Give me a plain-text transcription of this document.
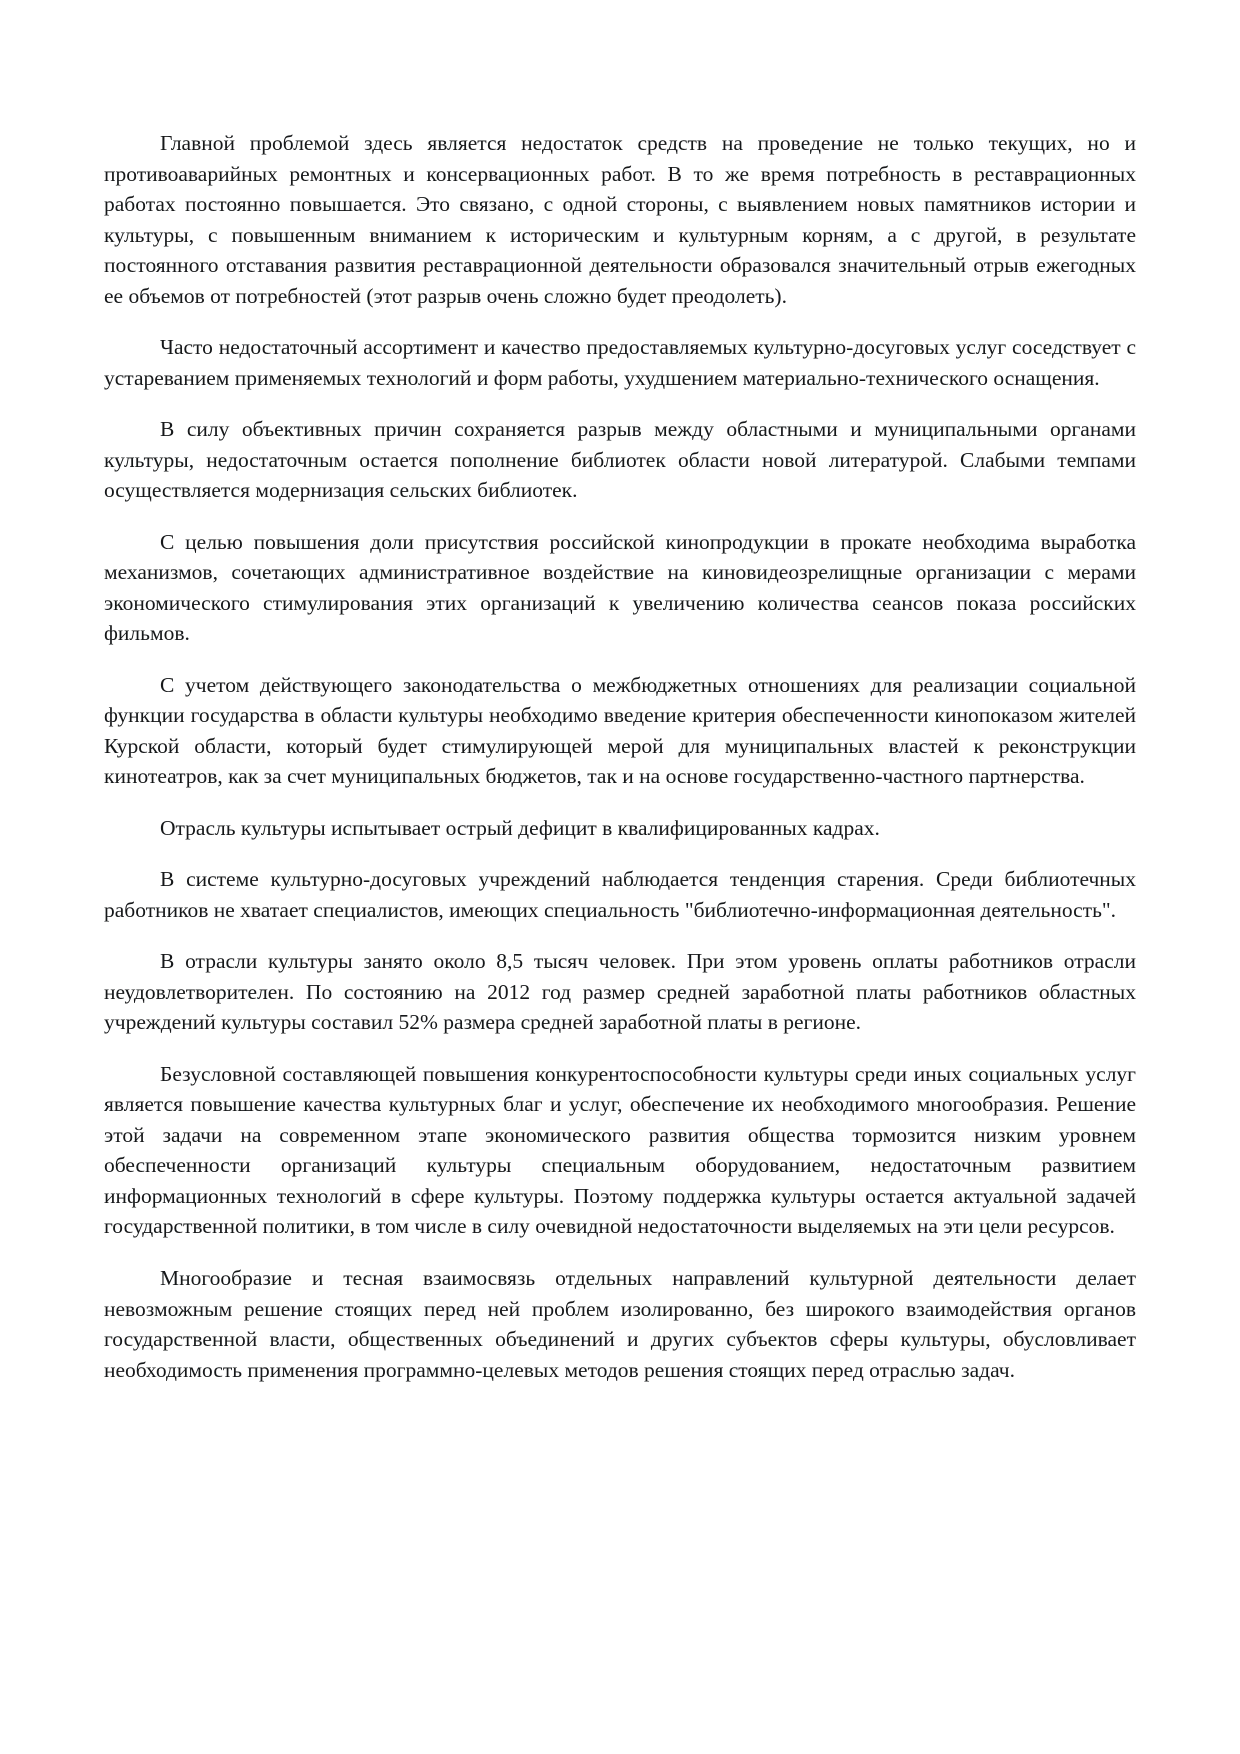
Главной проблемой здесь является недостаток средств на проведение не только текущих, но и противоаварийных ремонтных и консервационных работ. В то же время потребность в реставрационных работах постоянно повышается. Это связано, с одной стороны, с выявлением новых памятников истории и культуры, с повышенным вниманием к историческим и культурным корням, а с другой, в результате постоянного отставания развития реставрационной деятельности образовался значительный отрыв ежегодных ее объемов от потребностей (этот разрыв очень сложно будет преодолеть).

Часто недостаточный ассортимент и качество предоставляемых культурно-досуговых услуг соседствует с устареванием применяемых технологий и форм работы, ухудшением материально-технического оснащения.

В силу объективных причин сохраняется разрыв между областными и муниципальными органами культуры, недостаточным остается пополнение библиотек области новой литературой. Слабыми темпами осуществляется модернизация сельских библиотек.

С целью повышения доли присутствия российской кинопродукции в прокате необходима выработка механизмов, сочетающих административное воздействие на киновидеозрелищные организации с мерами экономического стимулирования этих организаций к увеличению количества сеансов показа российских фильмов.

С учетом действующего законодательства о межбюджетных отношениях для реализации социальной функции государства в области культуры необходимо введение критерия обеспеченности кинопоказом жителей Курской области, который будет стимулирующей мерой для муниципальных властей к реконструкции кинотеатров, как за счет муниципальных бюджетов, так и на основе государственно-частного партнерства.

Отрасль культуры испытывает острый дефицит в квалифицированных кадрах.

В системе культурно-досуговых учреждений наблюдается тенденция старения. Среди библиотечных работников не хватает специалистов, имеющих специальность "библиотечно-информационная деятельность".

В отрасли культуры занято около 8,5 тысяч человек. При этом уровень оплаты работников отрасли неудовлетворителен. По состоянию на 2012 год размер средней заработной платы работников областных учреждений культуры составил 52% размера средней заработной платы в регионе.

Безусловной составляющей повышения конкурентоспособности культуры среди иных социальных услуг является повышение качества культурных благ и услуг, обеспечение их необходимого многообразия. Решение этой задачи на современном этапе экономического развития общества тормозится низким уровнем обеспеченности организаций культуры специальным оборудованием, недостаточным развитием информационных технологий в сфере культуры. Поэтому поддержка культуры остается актуальной задачей государственной политики, в том числе в силу очевидной недостаточности выделяемых на эти цели ресурсов.

Многообразие и тесная взаимосвязь отдельных направлений культурной деятельности делает невозможным решение стоящих перед ней проблем изолированно, без широкого взаимодействия органов государственной власти, общественных объединений и других субъектов сферы культуры, обусловливает необходимость применения программно-целевых методов решения стоящих перед отраслью задач.
